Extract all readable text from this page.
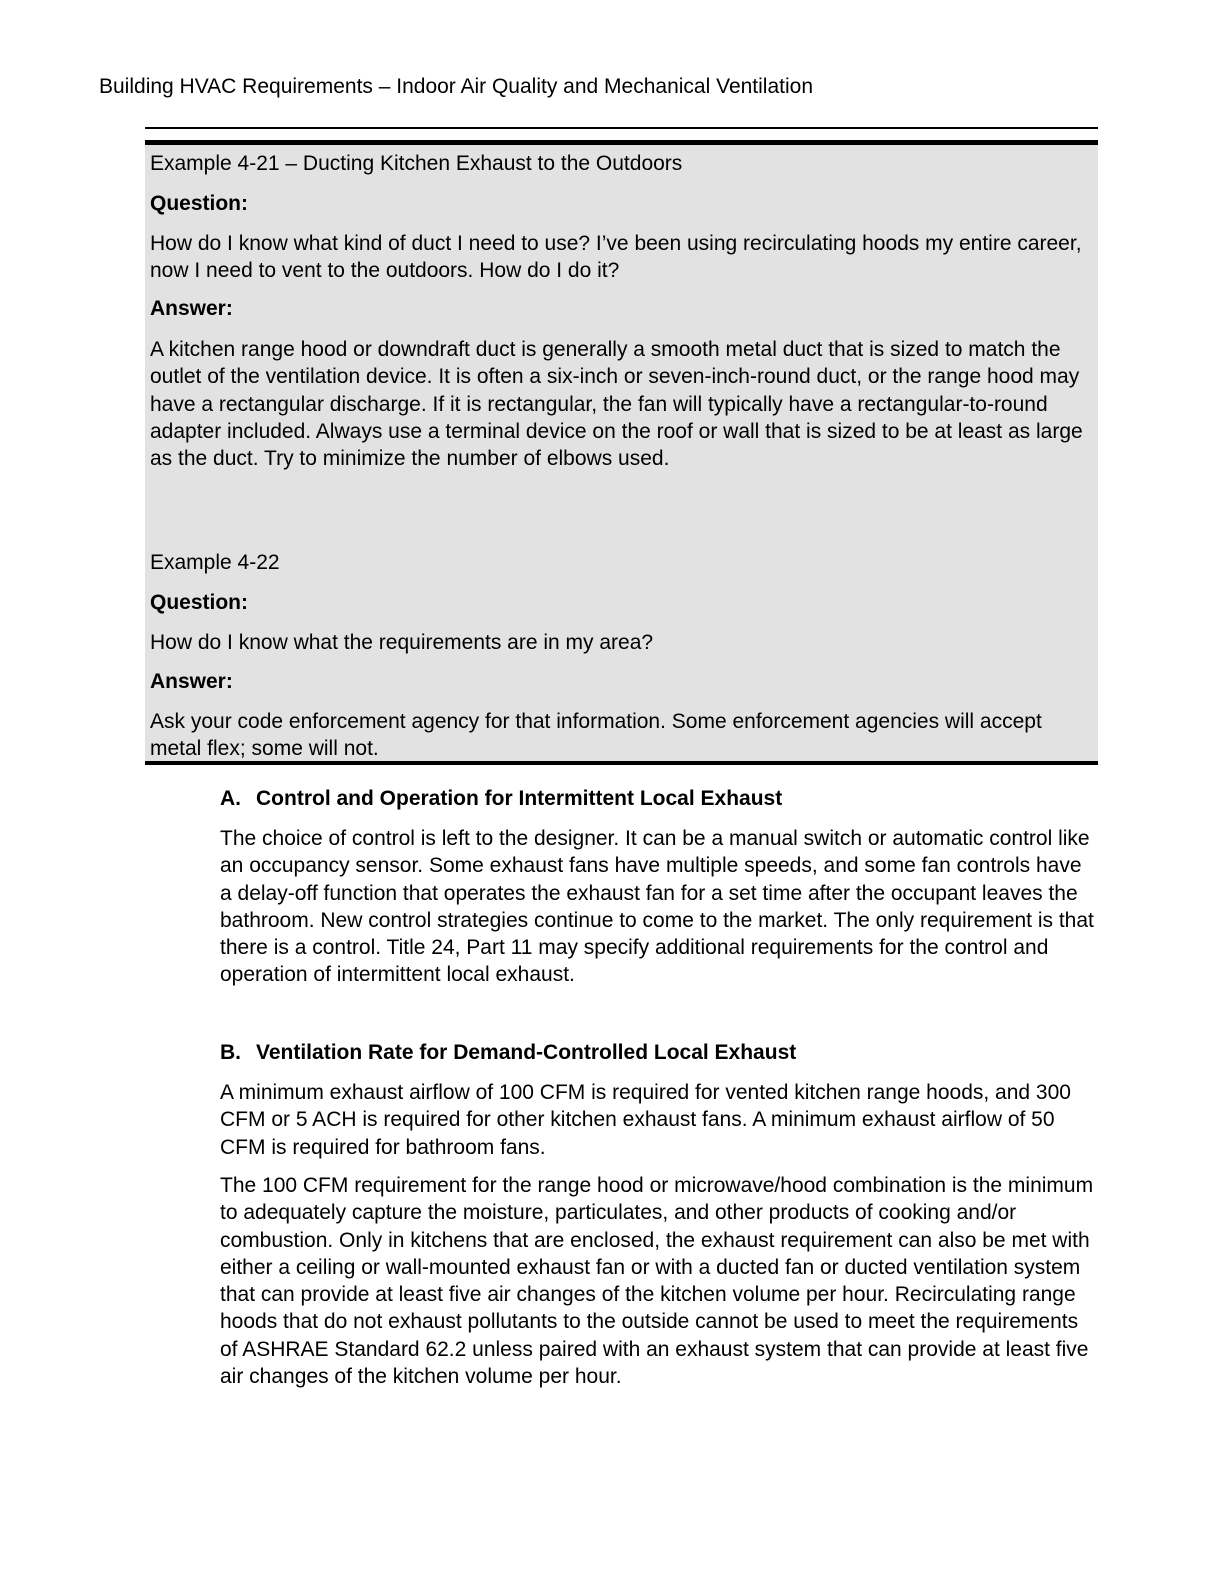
Building HVAC Requirements – Indoor Air Quality and Mechanical Ventilation
Example 4-21 – Ducting Kitchen Exhaust to the Outdoors
Question:
How do I know what kind of duct I need to use? I’ve been using recirculating hoods my entire career, now I need to vent to the outdoors. How do I do it?
Answer:
A kitchen range hood or downdraft duct is generally a smooth metal duct that is sized to match the outlet of the ventilation device. It is often a six-inch or seven-inch-round duct, or the range hood may have a rectangular discharge. If it is rectangular, the fan will typically have a rectangular-to-round adapter included. Always use a terminal device on the roof or wall that is sized to be at least as large as the duct. Try to minimize the number of elbows used.
Example 4-22
Question:
How do I know what the requirements are in my area?
Answer:
Ask your code enforcement agency for that information. Some enforcement agencies will accept metal flex; some will not.
A. Control and Operation for Intermittent Local Exhaust
The choice of control is left to the designer. It can be a manual switch or automatic control like an occupancy sensor. Some exhaust fans have multiple speeds, and some fan controls have a delay-off function that operates the exhaust fan for a set time after the occupant leaves the bathroom. New control strategies continue to come to the market. The only requirement is that there is a control. Title 24, Part 11 may specify additional requirements for the control and operation of intermittent local exhaust.
B. Ventilation Rate for Demand-Controlled Local Exhaust
A minimum exhaust airflow of 100 CFM is required for vented kitchen range hoods, and 300 CFM or 5 ACH is required for other kitchen exhaust fans. A minimum exhaust airflow of 50 CFM is required for bathroom fans.
The 100 CFM requirement for the range hood or microwave/hood combination is the minimum to adequately capture the moisture, particulates, and other products of cooking and/or combustion. Only in kitchens that are enclosed, the exhaust requirement can also be met with either a ceiling or wall-mounted exhaust fan or with a ducted fan or ducted ventilation system that can provide at least five air changes of the kitchen volume per hour. Recirculating range hoods that do not exhaust pollutants to the outside cannot be used to meet the requirements of ASHRAE Standard 62.2 unless paired with an exhaust system that can provide at least five air changes of the kitchen volume per hour.
